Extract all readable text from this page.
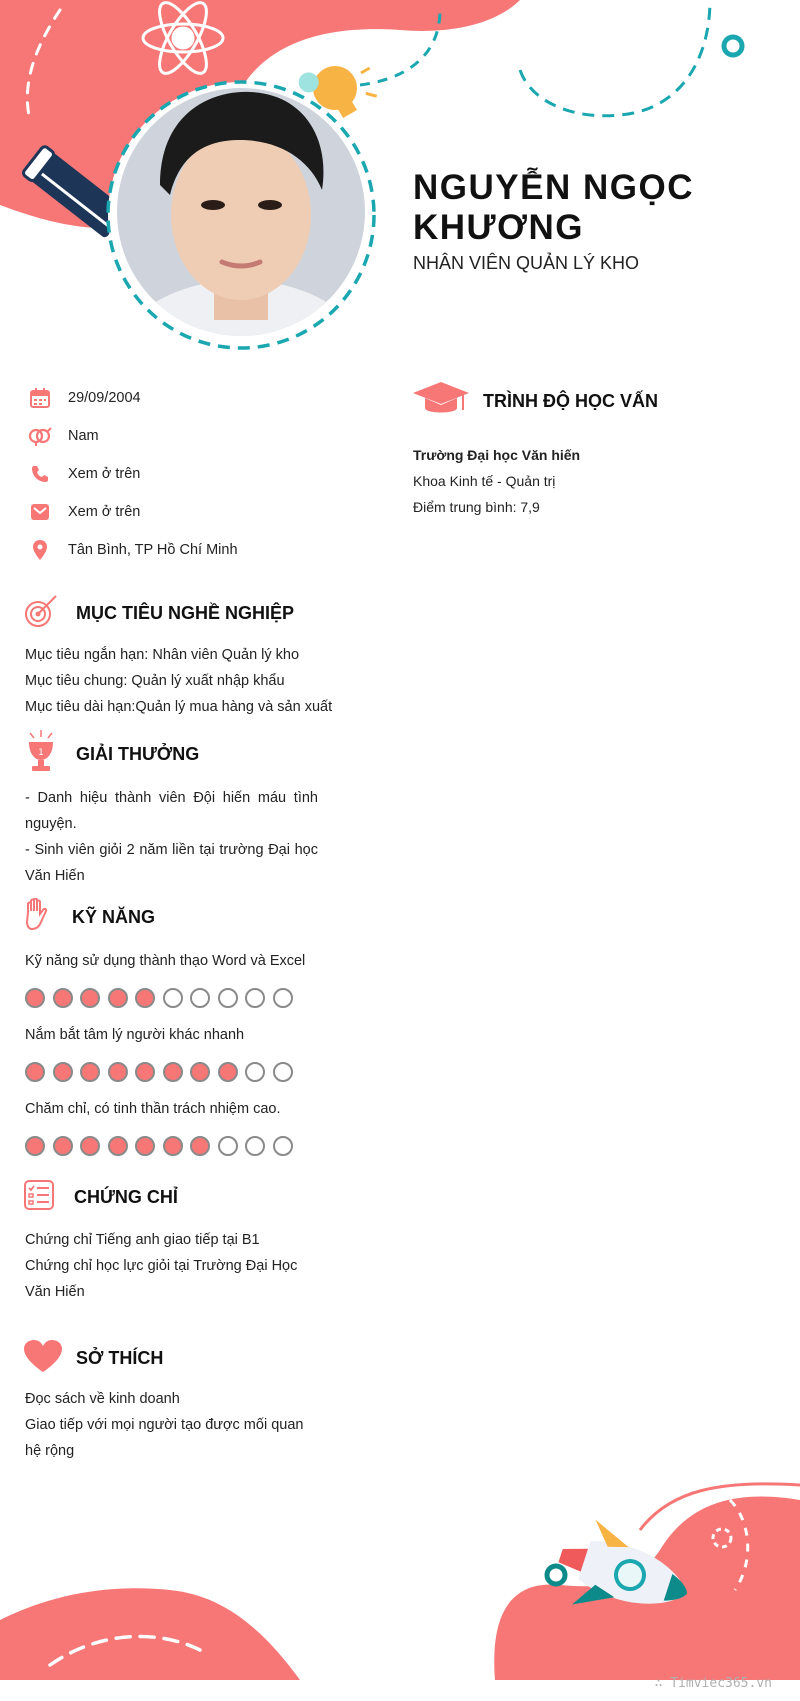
NGUYỄN NGỌC KHƯƠNG
NHÂN VIÊN QUẢN LÝ KHO
29/09/2004
Nam
Xem ở trên
Xem ở trên
Tân Bình, TP Hồ Chí Minh
TRÌNH ĐỘ HỌC VẤN
Trường Đại học Văn hiến
Khoa Kinh tế - Quản trị
Điểm trung bình: 7,9
MỤC TIÊU NGHỀ NGHIỆP
Mục tiêu ngắn hạn: Nhân viên Quản lý kho
Mục tiêu chung: Quản lý xuất nhập khẩu
Mục tiêu dài hạn:Quản lý mua hàng và sản xuất
1 GIẢI THƯỞNG
- Danh hiệu thành viên Đội hiến máu tình nguyện.
- Sinh viên giỏi 2 năm liền tại trường Đại học Văn Hiến
KỸ NĂNG
Kỹ năng sử dụng thành thạo Word và Excel
Nắm bắt tâm lý người khác nhanh
Chăm chỉ, có tinh thần trách nhiệm cao.
CHỨNG CHỈ
Chứng chỉ Tiếng anh giao tiếp tại B1
Chứng chỉ học lực giỏi tại Trường Đại Học Văn Hiến
SỞ THÍCH
Đọc sách về kinh doanh
Giao tiếp với mọi người tạo được mối quan hệ rộng
∴ Timviec365.vn
